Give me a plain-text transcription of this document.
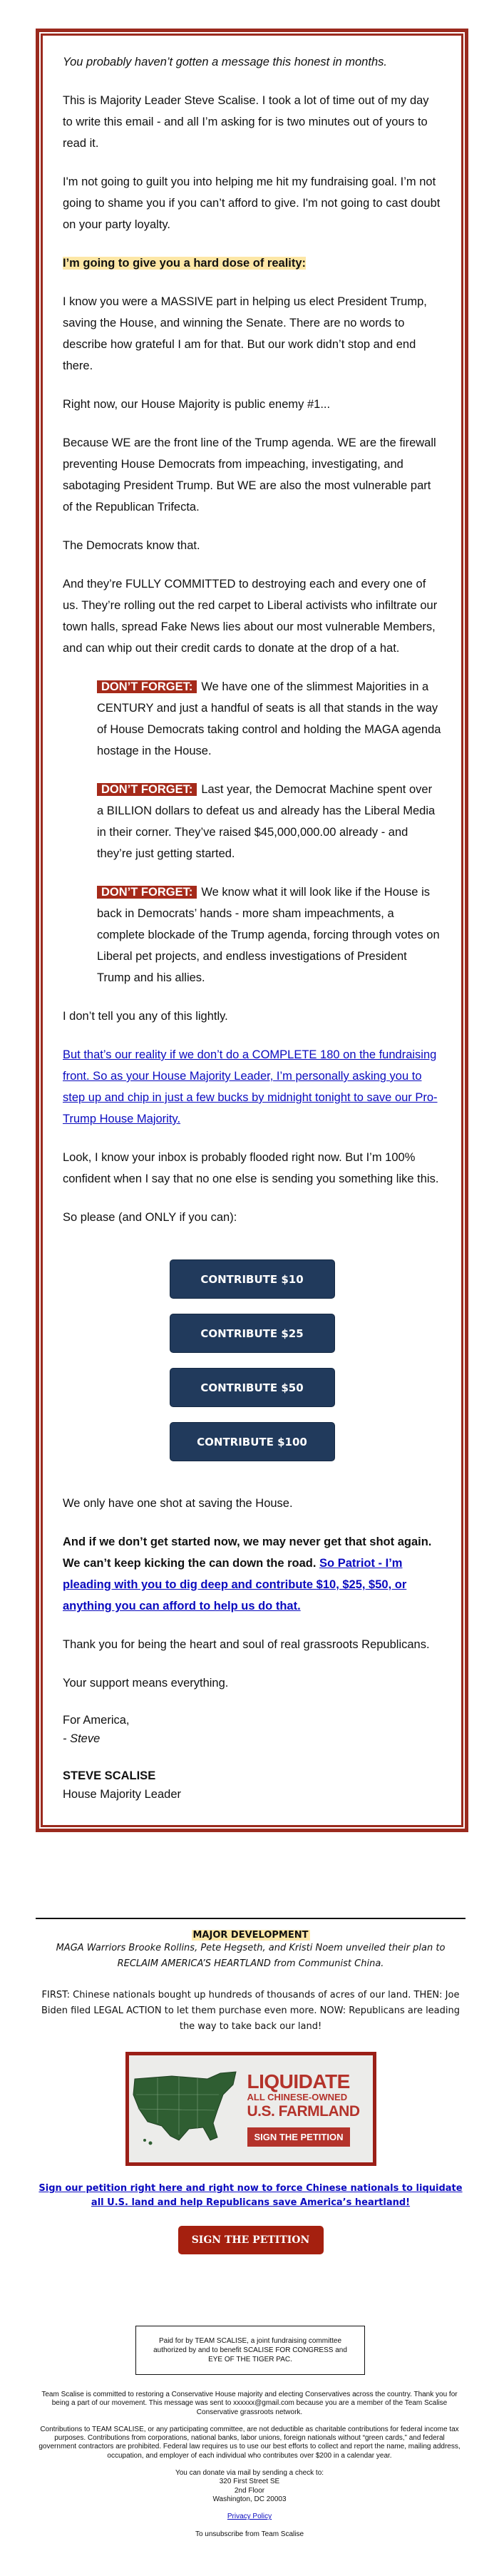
You probably haven’t gotten a message this honest in months.

This is Majority Leader Steve Scalise. I took a lot of time out of my day to write this email - and all I’m asking for is two minutes out of yours to read it.

I'm not going to guilt you into helping me hit my fundraising goal. I’m not going to shame you if you can’t afford to give. I'm not going to cast doubt on your party loyalty.

I’m going to give you a hard dose of reality:

I know you were a MASSIVE part in helping us elect President Trump, saving the House, and winning the Senate. There are no words to describe how grateful I am for that. But our work didn’t stop and end there.

Right now, our House Majority is public enemy #1...

Because WE are the front line of the Trump agenda. WE are the firewall preventing House Democrats from impeaching, investigating, and sabotaging President Trump. But WE are also the most vulnerable part of the Republican Trifecta.

The Democrats know that.

And they’re FULLY COMMITTED to destroying each and every one of us. They’re rolling out the red carpet to Liberal activists who infiltrate our town halls, spread Fake News lies about our most vulnerable Members, and can whip out their credit cards to donate at the drop of a hat.

DON’T FORGET: We have one of the slimmest Majorities in a CENTURY and just a handful of seats is all that stands in the way of House Democrats taking control and holding the MAGA agenda hostage in the House.

DON’T FORGET: Last year, the Democrat Machine spent over a BILLION dollars to defeat us and already has the Liberal Media in their corner. They’ve raised $45,000,000.00 already - and they’re just getting started.

DON’T FORGET: We know what it will look like if the House is back in Democrats’ hands - more sham impeachments, a complete blockade of the Trump agenda, forcing through votes on Liberal pet projects, and endless investigations of President Trump and his allies.

I don’t tell you any of this lightly.

But that’s our reality if we don’t do a COMPLETE 180 on the fundraising front. So as your House Majority Leader, I’m personally asking you to step up and chip in just a few bucks by midnight tonight to save our Pro-Trump House Majority.

Look, I know your inbox is probably flooded right now. But I’m 100% confident when I say that no one else is sending you something like this.

So please (and ONLY if you can):

CONTRIBUTE $10
CONTRIBUTE $25
CONTRIBUTE $50
CONTRIBUTE $100

We only have one shot at saving the House.

And if we don’t get started now, we may never get that shot again. We can’t keep kicking the can down the road. So Patriot - I’m pleading with you to dig deep and contribute $10, $25, $50, or anything you can afford to help us do that.

Thank you for being the heart and soul of real grassroots Republicans.

Your support means everything.

For America,

- Steve

STEVE SCALISE

House Majority Leader

MAJOR DEVELOPMENT

MAGA Warriors Brooke Rollins, Pete Hegseth, and Kristi Noem unveiled their plan to RECLAIM AMERICA’S HEARTLAND from Communist China.

FIRST: Chinese nationals bought up hundreds of thousands of acres of our land. THEN: Joe Biden filed LEGAL ACTION to let them purchase even more. NOW: Republicans are leading the way to take back our land!

LIQUIDATE
ALL CHINESE-OWNED
U.S. FARMLAND
SIGN THE PETITION

Sign our petition right here and right now to force Chinese nationals to liquidate all U.S. land and help Republicans save America’s heartland!

SIGN THE PETITION
Paid for by TEAM SCALISE, a joint fundraising committee authorized by and to benefit SCALISE FOR CONGRESS and EYE OF THE TIGER PAC.

Team Scalise is committed to restoring a Conservative House majority and electing Conservatives across the country. Thank you for being a part of our movement. This message was sent to xxxxxx@gmail.com because you are a member of the Team Scalise Conservative grassroots network.

Contributions to TEAM SCALISE, or any participating committee, are not deductible as charitable contributions for federal income tax purposes. Contributions from corporations, national banks, labor unions, foreign nationals without “green cards,” and federal government contractors are prohibited. Federal law requires us to use our best efforts to collect and report the name, mailing address, occupation, and employer of each individual who contributes over $200 in a calendar year.

You can donate via mail by sending a check to:
320 First Street SE
2nd Floor
Washington, DC 20003

Privacy Policy

To unsubscribe from Team Scalise
